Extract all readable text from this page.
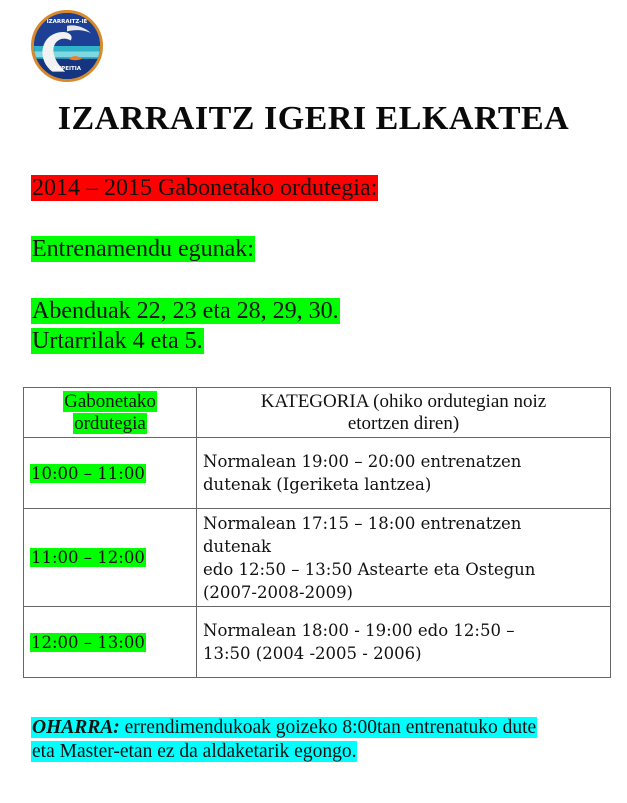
IZARRAITZ-IE
AZPEITIA
IZARRAITZ IGERI ELKARTEA
2014 – 2015 Gabonetako ordutegia:
Entrenamendu egunak:
Abenduak 22, 23 eta 28, 29, 30.
Urtarrilak 4 eta 5.
Gabonetako
ordutegia	KATEGORIA (ohiko ordutegian noiz
etortzen diren)
10:00 – 11:00	Normalean 19:00 – 20:00 entrenatzen
dutenak (Igeriketa lantzea)

11:00 – 12:00	Normalean 17:15 – 18:00 entrenatzen
dutenak
edo 12:50 – 13:50 Astearte eta Ostegun
(2007-2008-2009)

12:00 – 13:00	Normalean 18:00 - 19:00 edo 12:50 –
13:50 (2004 -2005 - 2006)
OHARRA: errendimendukoak goizeko 8:00tan entrenatuko dute
eta Master-etan ez da aldaketarik egongo.
